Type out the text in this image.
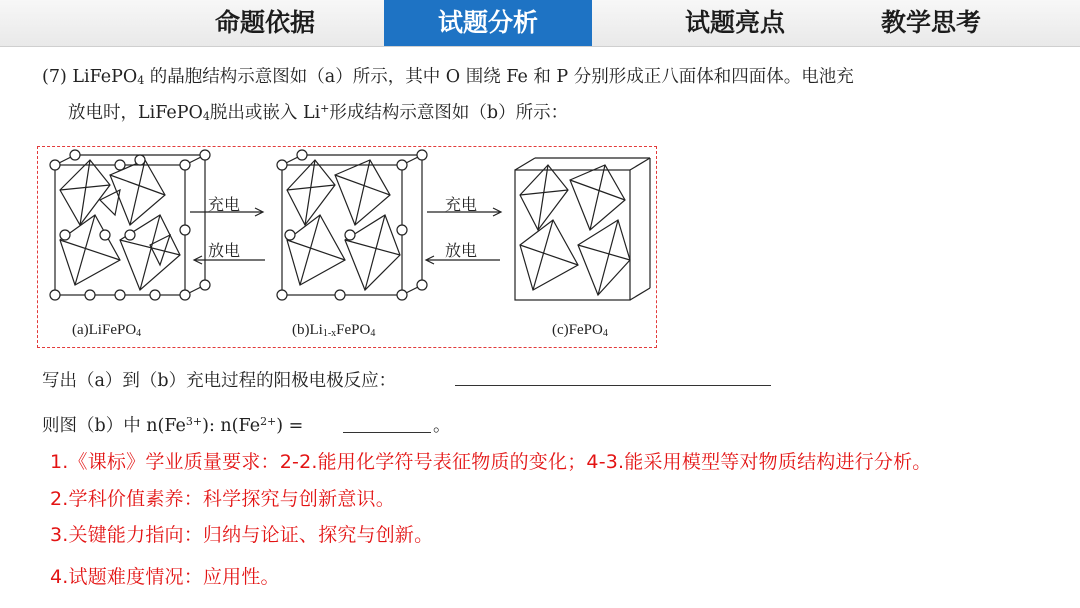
命题依据	试题分析	试题亮点	教学思考
(7) LiFePO$_4$ 的晶胞结构示意图如（a）所示，其中 O 围绕 Fe 和 P 分别形成正八面体和四面体。电池充
放电时，LiFePO$_4$脱出或嵌入 Li+形成结构示意图如（b）所示：
充电
放电
充电
放电
(a)LiFePO$_4$	$(b)Li_{1-x}FePO_4$	(c)FePO$_4$
写出（a）到（b）充电过程的阳极电极反应：
则图（b）中 $n(Fe^{3+})$: $n(Fe^{2+})$ =	。
1.《课标》学业质量要求：2-2.能用化学符号表征物质的变化；4-3.能采用模型等对物质结构进行分析。
2.学科价值素养：科学探究与创新意识。
3.关键能力指向：归纳与论证、探究与创新。
4.试题难度情况：应用性。
